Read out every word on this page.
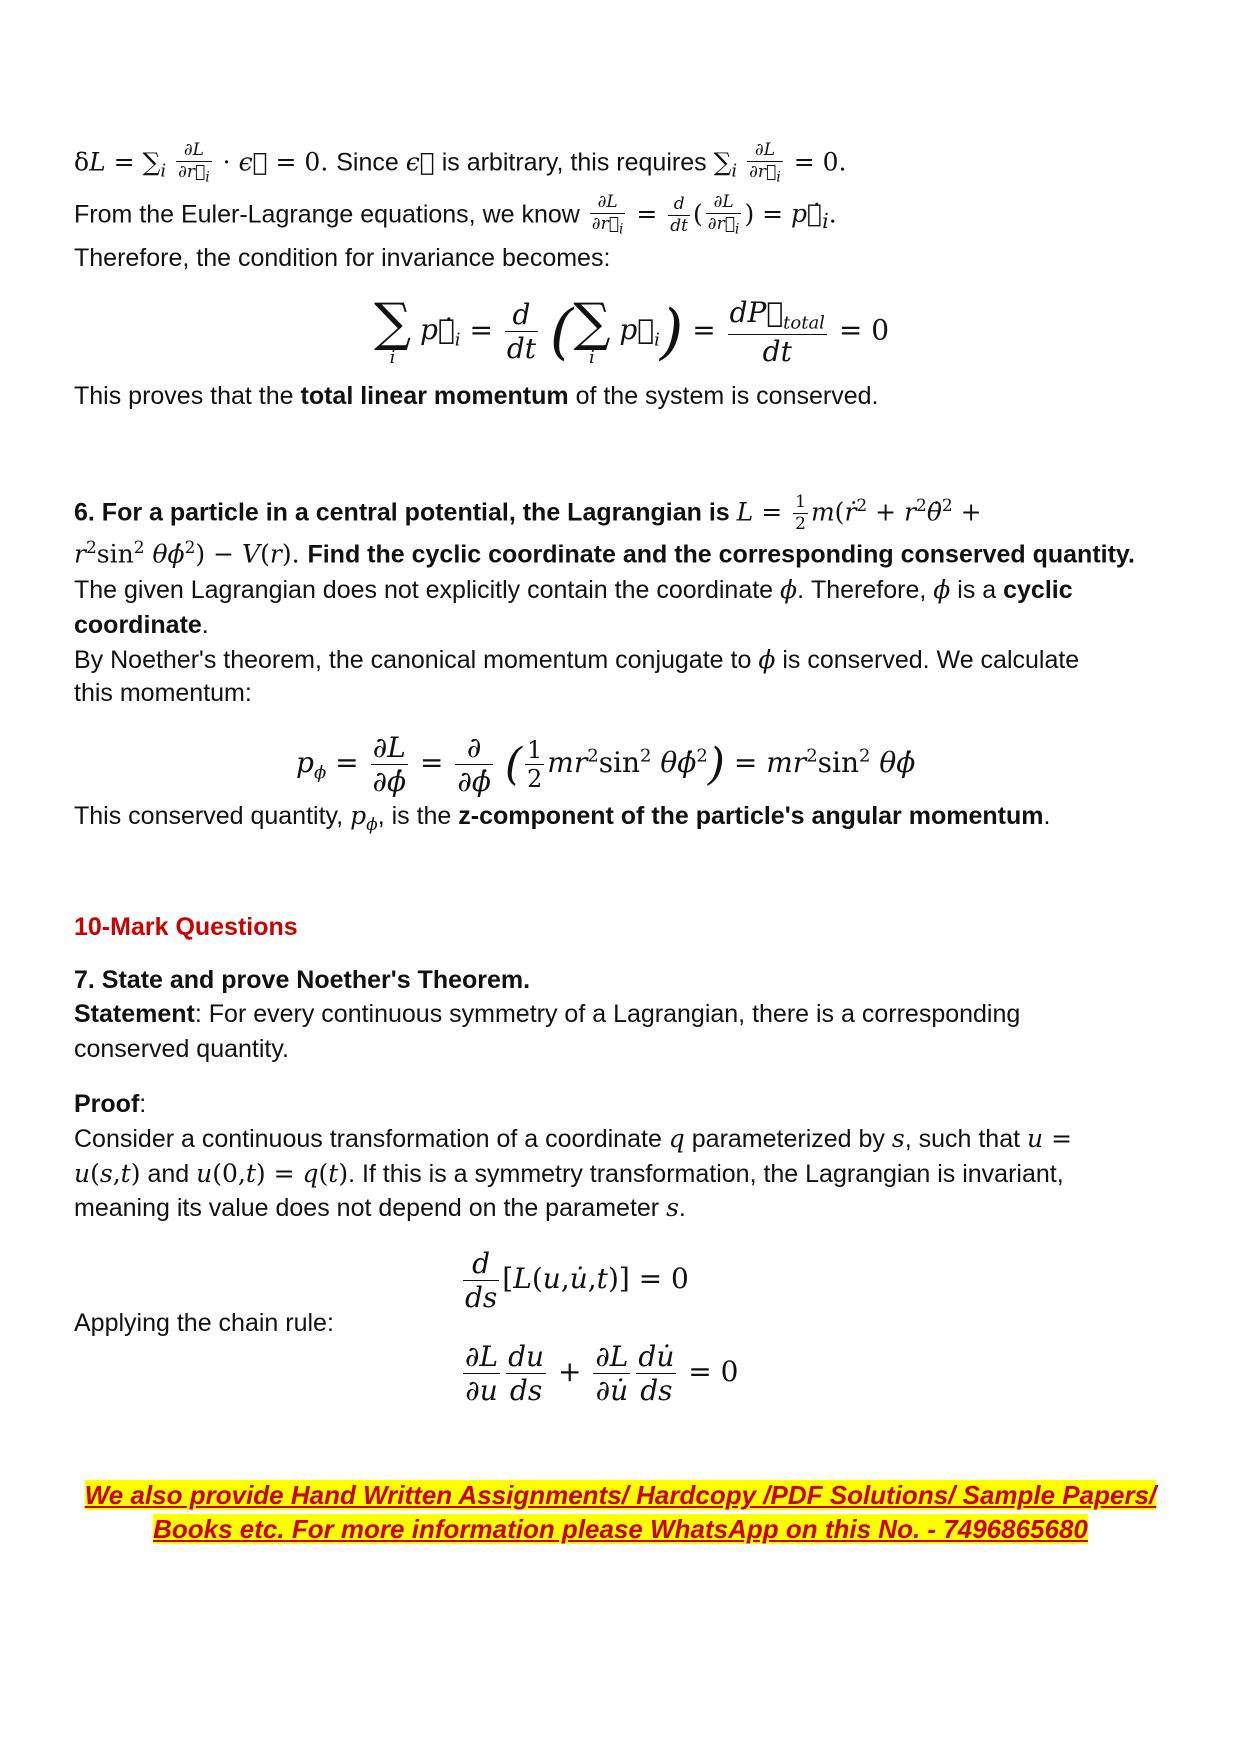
$\delta L = \sum_i \frac{\partial L}{\partial r⃗_i}$ · ϵ⃗ = 0. Since ϵ⃗ is arbitrary, this requires $\sum_i \frac{\partial L}{\partial r⃗_i} = 0$.
From the Euler-Lagrange equations, we know $\frac{\partial L}{\partial r⃗_i} = \frac{d}{dt}$ ( $\frac{\partial L}{\partial r⃗_i}$ ) = $p⃗̇_i$.
Therefore, the condition for invariance becomes:
∑
i
$p⃗̇_i = \frac{d}{dt}$ (∑
i
$p⃗_i) = \frac{dP⃗_{total}}{dt} = 0$
This proves that the total linear momentum of the system is conserved.
6. For a particle in a central potential, the Lagrangian is $L = \frac{1}{2}$ m(ṙ$^2$ + $r^2\thetȧ^2$ +
$r^2\sin^2$ θϕ̇$^2$) − V(r). Find the cyclic coordinate and the corresponding conserved quantity.
The given Lagrangian does not explicitly contain the coordinate ϕ. Therefore, ϕ is a cyclic
coordinate.
By Noether's theorem, the canonical momentum conjugate to ϕ is conserved. We calculate
this momentum:
$p_\phi = \frac{\partial L}{\partial\phi̇} = \frac{\partial}{\partial\phi̇}$ ( $\frac{1}{2} mr^2\sin^2$ θϕ̇$^2$) = $mr^2\sin^2$ θϕ̇
This conserved quantity, $p_\phi$, is the z-component of the particle's angular momentum.
10-Mark Questions
7. State and prove Noether's Theorem.
Statement: For every continuous symmetry of a Lagrangian, there is a corresponding
conserved quantity.
Proof:
Consider a continuous transformation of a coordinate q parameterized by s, such that u =
u(s,t) and u(0,t) = q(t). If this is a symmetry transformation, the Lagrangian is invariant,
meaning its value does not depend on the parameter s.
$\frac{d}{ds}$ [L(u,u̇,t)] = 0
Applying the chain rule:
$\frac{\partial L}{\partial u} \frac{du}{ds} + \frac{\partial L}{\partial u̇} \frac{du̇}{ds} = 0$
We also provide Hand Written Assignments/ Hardcopy /PDF Solutions/ Sample Papers/
Books etc. For more information please WhatsApp on this No. - 7496865680
